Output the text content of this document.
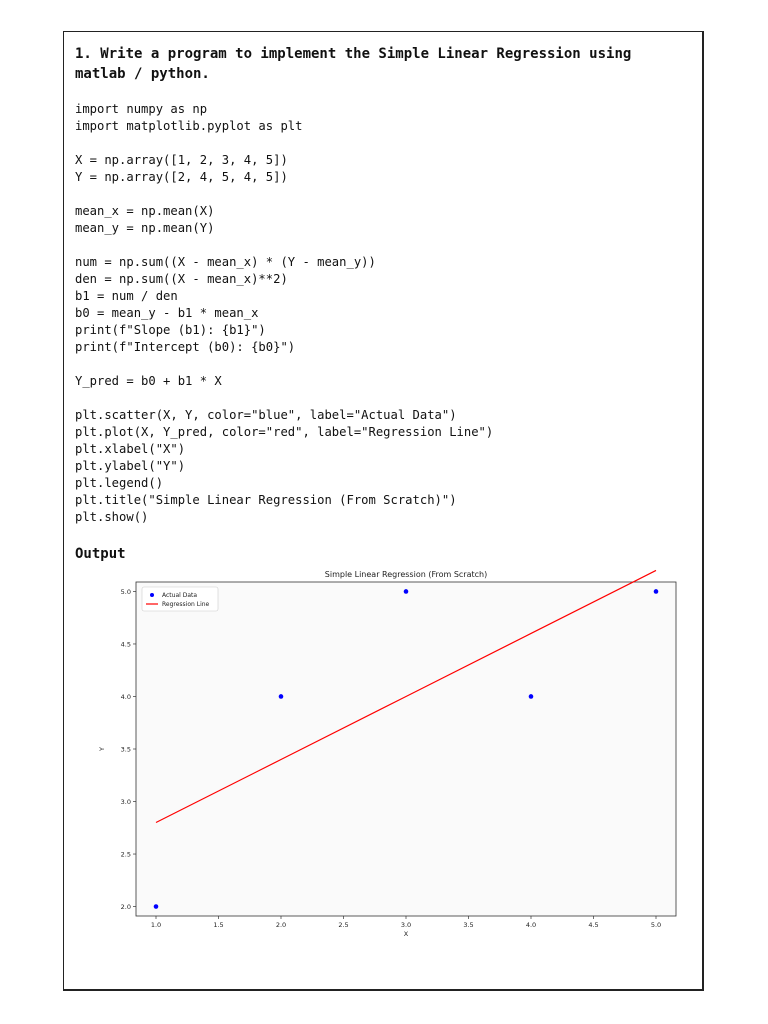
1. Write a program to implement the Simple Linear Regression using matlab / python.

import numpy as np
import matplotlib.pyplot as plt

X = np.array([1, 2, 3, 4, 5])
Y = np.array([2, 4, 5, 4, 5])

mean_x = np.mean(X)
mean_y = np.mean(Y)

num = np.sum((X - mean_x) * (Y - mean_y))
den = np.sum((X - mean_x)**2)
b1 = num / den
b0 = mean_y - b1 * mean_x
print(f"Slope (b1): {b1}")
print(f"Intercept (b0): {b0}")

Y_pred = b0 + b1 * X

plt.scatter(X, Y, color="blue", label="Actual Data")
plt.plot(X, Y_pred, color="red", label="Regression Line")
plt.xlabel("X")
plt.ylabel("Y")
plt.legend()
plt.title("Simple Linear Regression (From Scratch)")
plt.show()
Output
Simple Linear Regression (From Scratch)
1.0	1.5	2.0	2.5	3.0	3.5	4.0	4.5	5.0
2.0
2.5
3.0
3.5
4.0
4.5
5.0
X
Y
Actual Data
Regression Line
